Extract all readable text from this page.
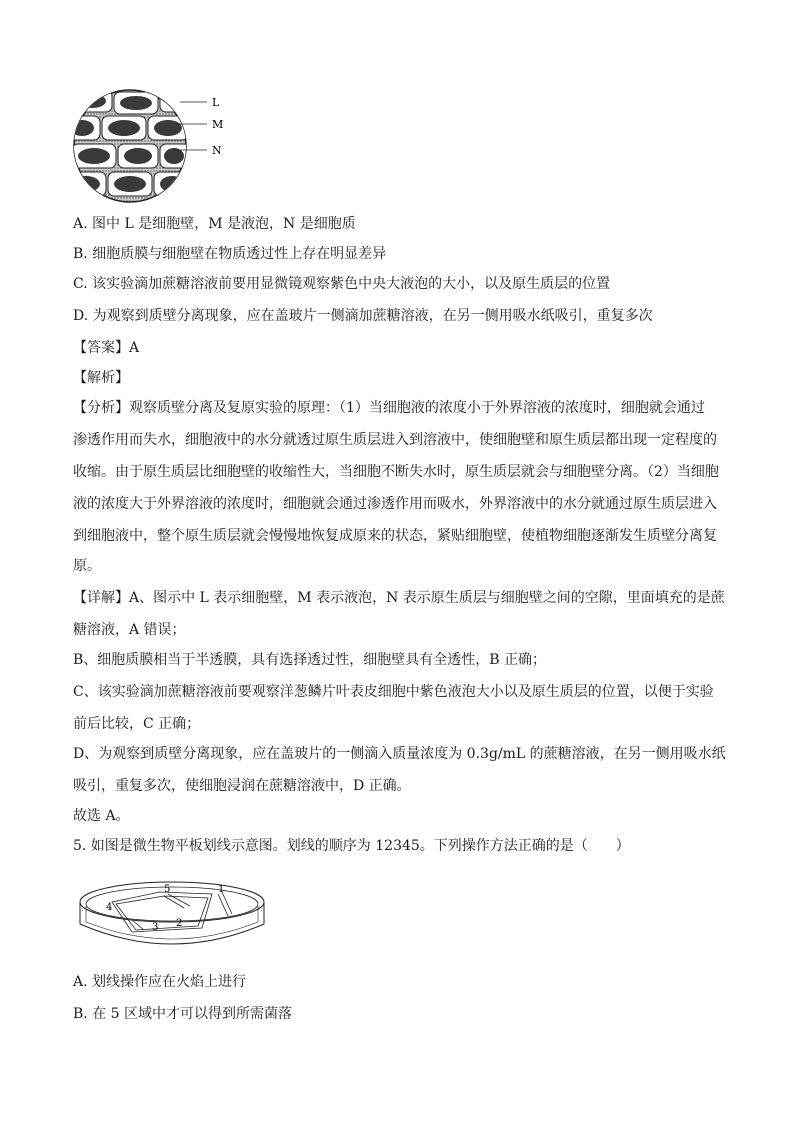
L
M
N
A. 图中 L 是细胞壁，M 是液泡，N 是细胞质
B. 细胞质膜与细胞壁在物质透过性上存在明显差异
C. 该实验滴加蔗糖溶液前要用显微镜观察紫色中央大液泡的大小，以及原生质层的位置
D. 为观察到质壁分离现象，应在盖玻片一侧滴加蔗糖溶液，在另一侧用吸水纸吸引，重复多次
【答案】A
【解析】
【分析】观察质壁分离及复原实验的原理：（1）当细胞液的浓度小于外界溶液的浓度时，细胞就会通过
渗透作用而失水，细胞液中的水分就透过原生质层进入到溶液中，使细胞壁和原生质层都出现一定程度的
收缩。由于原生质层比细胞壁的收缩性大，当细胞不断失水时，原生质层就会与细胞壁分离。（2）当细胞
液的浓度大于外界溶液的浓度时，细胞就会通过渗透作用而吸水，外界溶液中的水分就通过原生质层进入
到细胞液中，整个原生质层就会慢慢地恢复成原来的状态，紧贴细胞壁，使植物细胞逐渐发生质壁分离复
原。
【详解】A、图示中 L 表示细胞壁，M 表示液泡，N 表示原生质层与细胞壁之间的空隙，里面填充的是蔗
糖溶液，A 错误；
B、细胞质膜相当于半透膜，具有选择透过性，细胞壁具有全透性，B 正确；
C、该实验滴加蔗糖溶液前要观察洋葱鳞片叶表皮细胞中紫色液泡大小以及原生质层的位置，以便于实验
前后比较，C 正确；
D、为观察到质壁分离现象，应在盖玻片的一侧滴入质量浓度为 0.3g/mL 的蔗糖溶液，在另一侧用吸水纸
吸引，重复多次，使细胞浸润在蔗糖溶液中，D 正确。
故选 A。
5. 如图是微生物平板划线示意图。划线的顺序为 12345。下列操作方法正确的是（　　）
5	1
2
3
4
A. 划线操作应在火焰上进行
B. 在 5 区域中才可以得到所需菌落
